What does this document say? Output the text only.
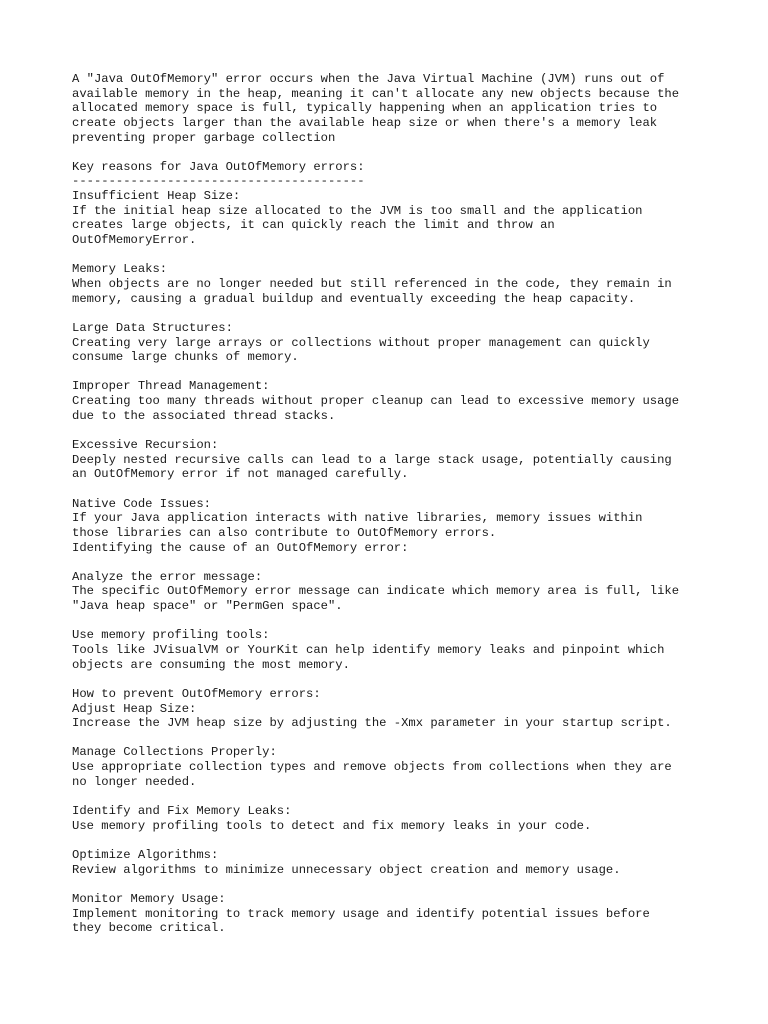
A "Java OutOfMemory" error occurs when the Java Virtual Machine (JVM) runs out of
available memory in the heap, meaning it can't allocate any new objects because the
allocated memory space is full, typically happening when an application tries to
create objects larger than the available heap size or when there's a memory leak
preventing proper garbage collection
Key reasons for Java OutOfMemory errors:
----------------------------------------
Insufficient Heap Size:
If the initial heap size allocated to the JVM is too small and the application
creates large objects, it can quickly reach the limit and throw an
OutOfMemoryError.
Memory Leaks:
When objects are no longer needed but still referenced in the code, they remain in
memory, causing a gradual buildup and eventually exceeding the heap capacity.
Large Data Structures:
Creating very large arrays or collections without proper management can quickly
consume large chunks of memory.
Improper Thread Management:
Creating too many threads without proper cleanup can lead to excessive memory usage
due to the associated thread stacks.
Excessive Recursion:
Deeply nested recursive calls can lead to a large stack usage, potentially causing
an OutOfMemory error if not managed carefully.
Native Code Issues:
If your Java application interacts with native libraries, memory issues within
those libraries can also contribute to OutOfMemory errors.
Identifying the cause of an OutOfMemory error:
Analyze the error message:
The specific OutOfMemory error message can indicate which memory area is full, like
"Java heap space" or "PermGen space".
Use memory profiling tools:
Tools like JVisualVM or YourKit can help identify memory leaks and pinpoint which
objects are consuming the most memory.
How to prevent OutOfMemory errors:
Adjust Heap Size:
Increase the JVM heap size by adjusting the -Xmx parameter in your startup script.
Manage Collections Properly:
Use appropriate collection types and remove objects from collections when they are
no longer needed.
Identify and Fix Memory Leaks:
Use memory profiling tools to detect and fix memory leaks in your code.
Optimize Algorithms:
Review algorithms to minimize unnecessary object creation and memory usage.
Monitor Memory Usage:
Implement monitoring to track memory usage and identify potential issues before
they become critical.
